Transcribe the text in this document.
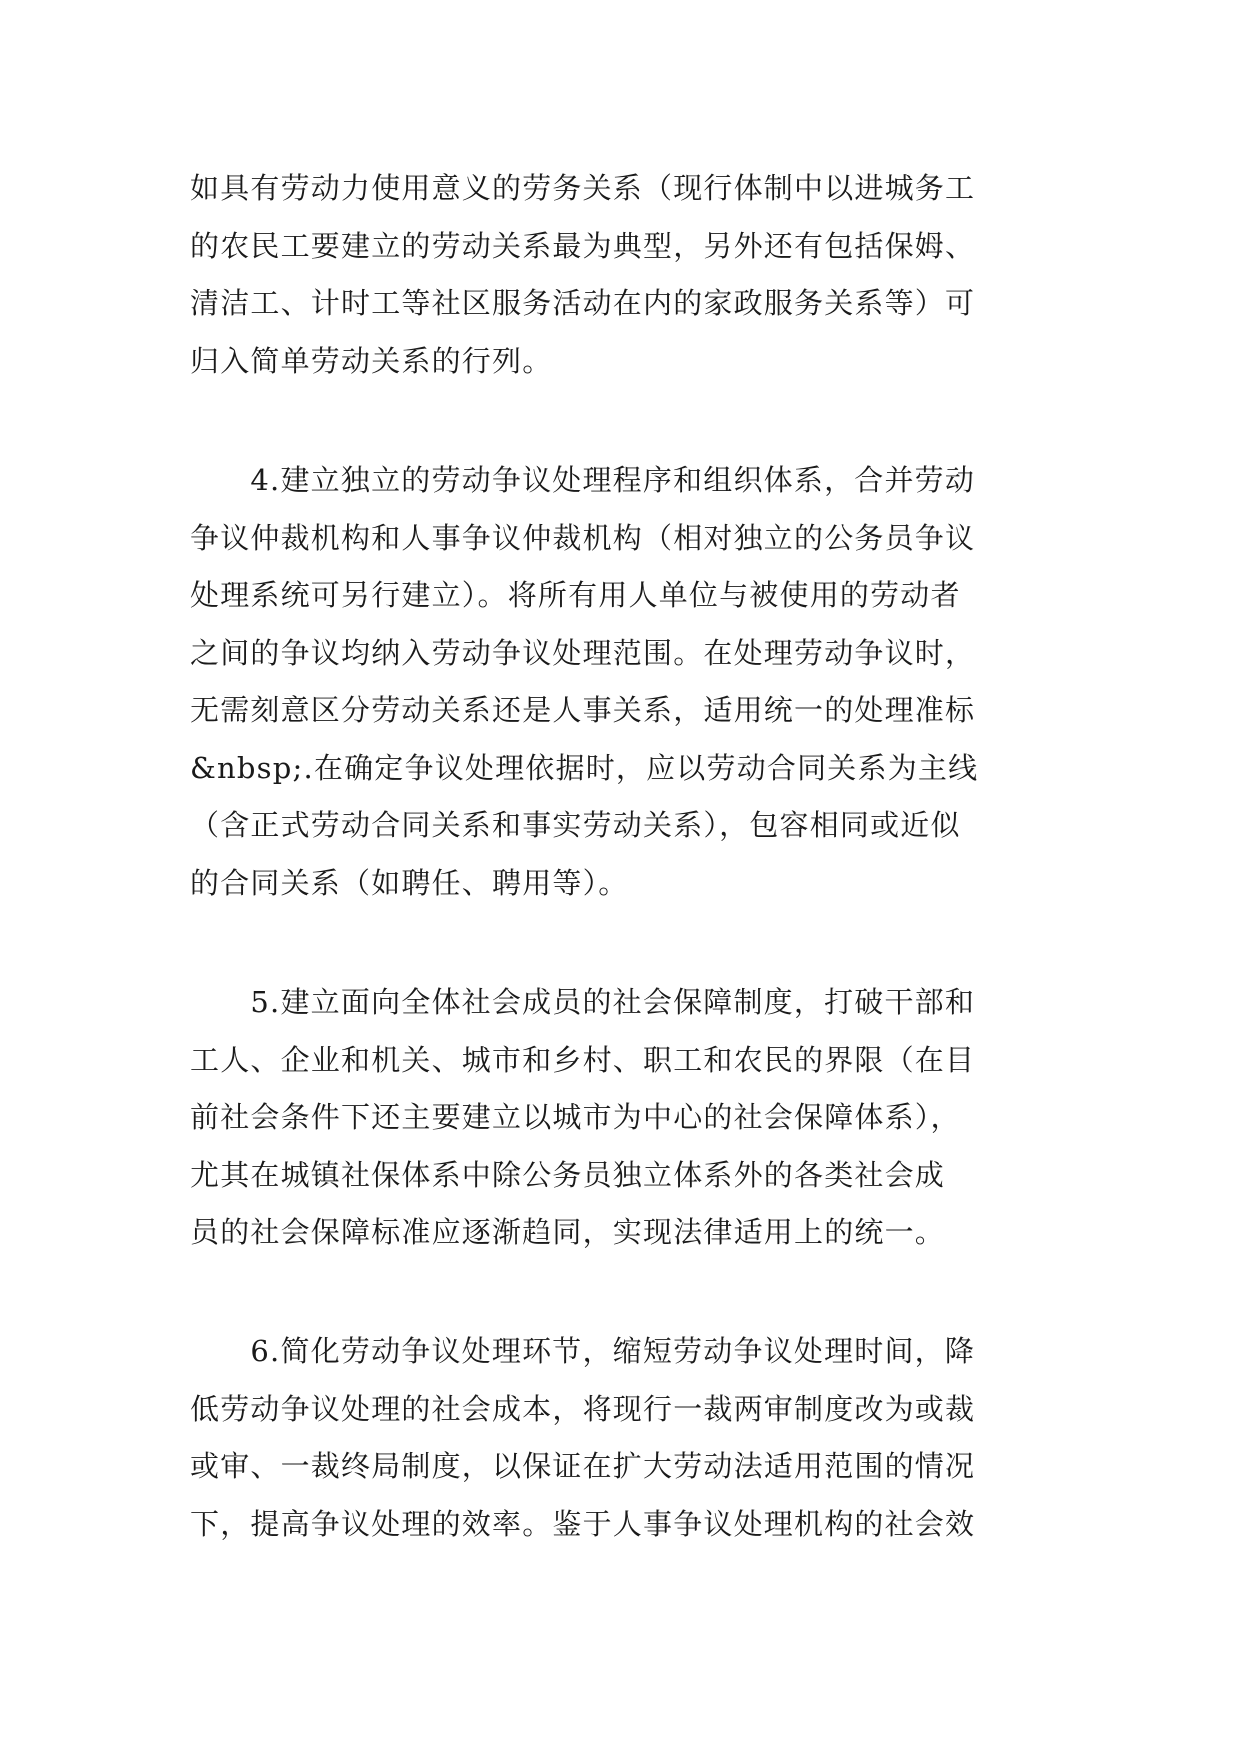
如具有劳动力使用意义的劳务关系（现行体制中以进城务工
的农民工要建立的劳动关系最为典型，另外还有包括保姆、
清洁工、计时工等社区服务活动在内的家政服务关系等）可
归入简单劳动关系的行列。

　　4.建立独立的劳动争议处理程序和组织体系，合并劳动
争议仲裁机构和人事争议仲裁机构（相对独立的公务员争议
处理系统可另行建立）。将所有用人单位与被使用的劳动者
之间的争议均纳入劳动争议处理范围。在处理劳动争议时，
无需刻意区分劳动关系还是人事关系，适用统一的处理准标
&nbsp;.在确定争议处理依据时，应以劳动合同关系为主线
（含正式劳动合同关系和事实劳动关系），包容相同或近似
的合同关系（如聘任、聘用等）。

　　5.建立面向全体社会成员的社会保障制度，打破干部和
工人、企业和机关、城市和乡村、职工和农民的界限（在目
前社会条件下还主要建立以城市为中心的社会保障体系），
尤其在城镇社保体系中除公务员独立体系外的各类社会成
员的社会保障标准应逐渐趋同，实现法律适用上的统一。

　　6.简化劳动争议处理环节，缩短劳动争议处理时间，降
低劳动争议处理的社会成本，将现行一裁两审制度改为或裁
或审、一裁终局制度，以保证在扩大劳动法适用范围的情况
下，提高争议处理的效率。鉴于人事争议处理机构的社会效
